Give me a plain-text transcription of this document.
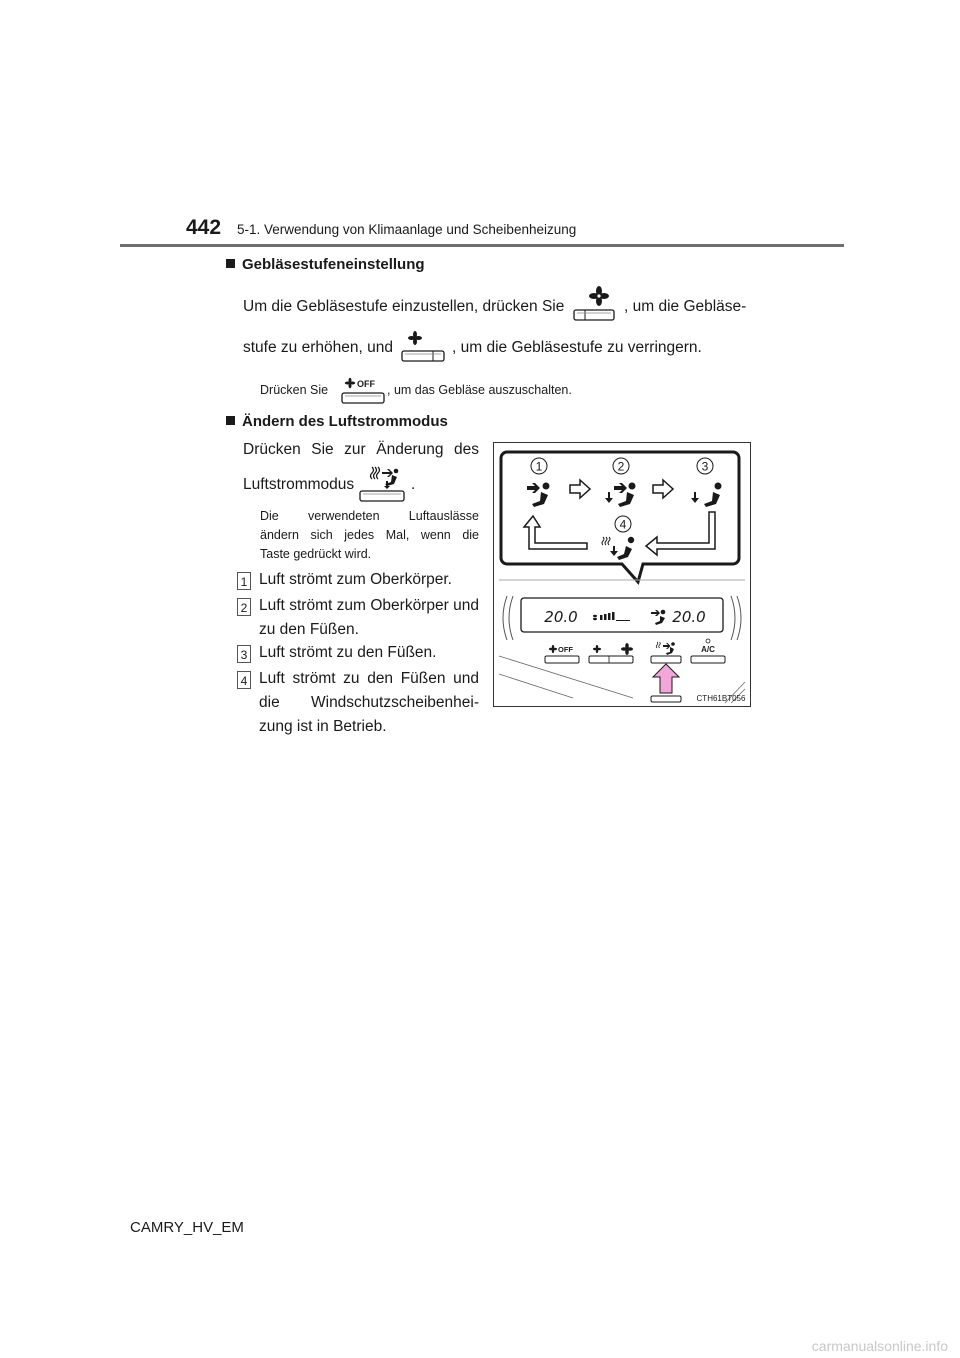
442 5-1. Verwendung von Klimaanlage und Scheibenheizung
Gebläsestufeneinstellung
Um die Gebläsestufe einzustellen, drücken Sie	, um die Gebläse-
stufe zu erhöhen, und	, um die Gebläsestufe zu verringern.
Drücken Sie	OFF , um das Gebläse auszuschalten.
Ändern des Luftstrommodus
Drücken Sie zur Änderung des
Luftstrommodus	.
Die verwendeten Luftauslässe
ändern sich jedes Mal, wenn die
Taste gedrückt wird.
1 Luft strömt zum Oberkörper.
2 Luft strömt zum Oberkörper und
zu den Füßen.
3 Luft strömt zu den Füßen.
4 Luft strömt zu den Füßen und
die Windschutzscheibenhei-
zung ist in Betrieb.
1	2	3
4
20.0	20.0
OFF	A/C
CTH61BT056
CAMRY_HV_EM
carmanualsonline.info
